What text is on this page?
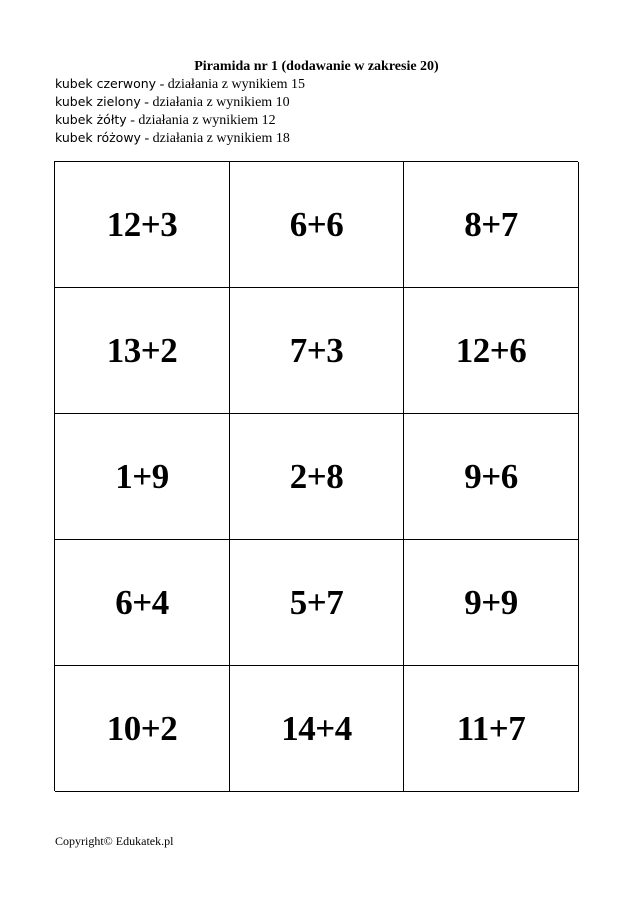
Piramida nr 1 (dodawanie w zakresie 20)
kubek czerwony - działania z wynikiem 15
kubek zielony - działania z wynikiem 10
kubek żółty - działania z wynikiem 12
kubek różowy - działania z wynikiem 18
12+3	6+6	8+7
13+2	7+3	12+6
1+9	2+8	9+6
6+4	5+7	9+9
10+2	14+4	11+7
Copyright© Edukatek.pl
